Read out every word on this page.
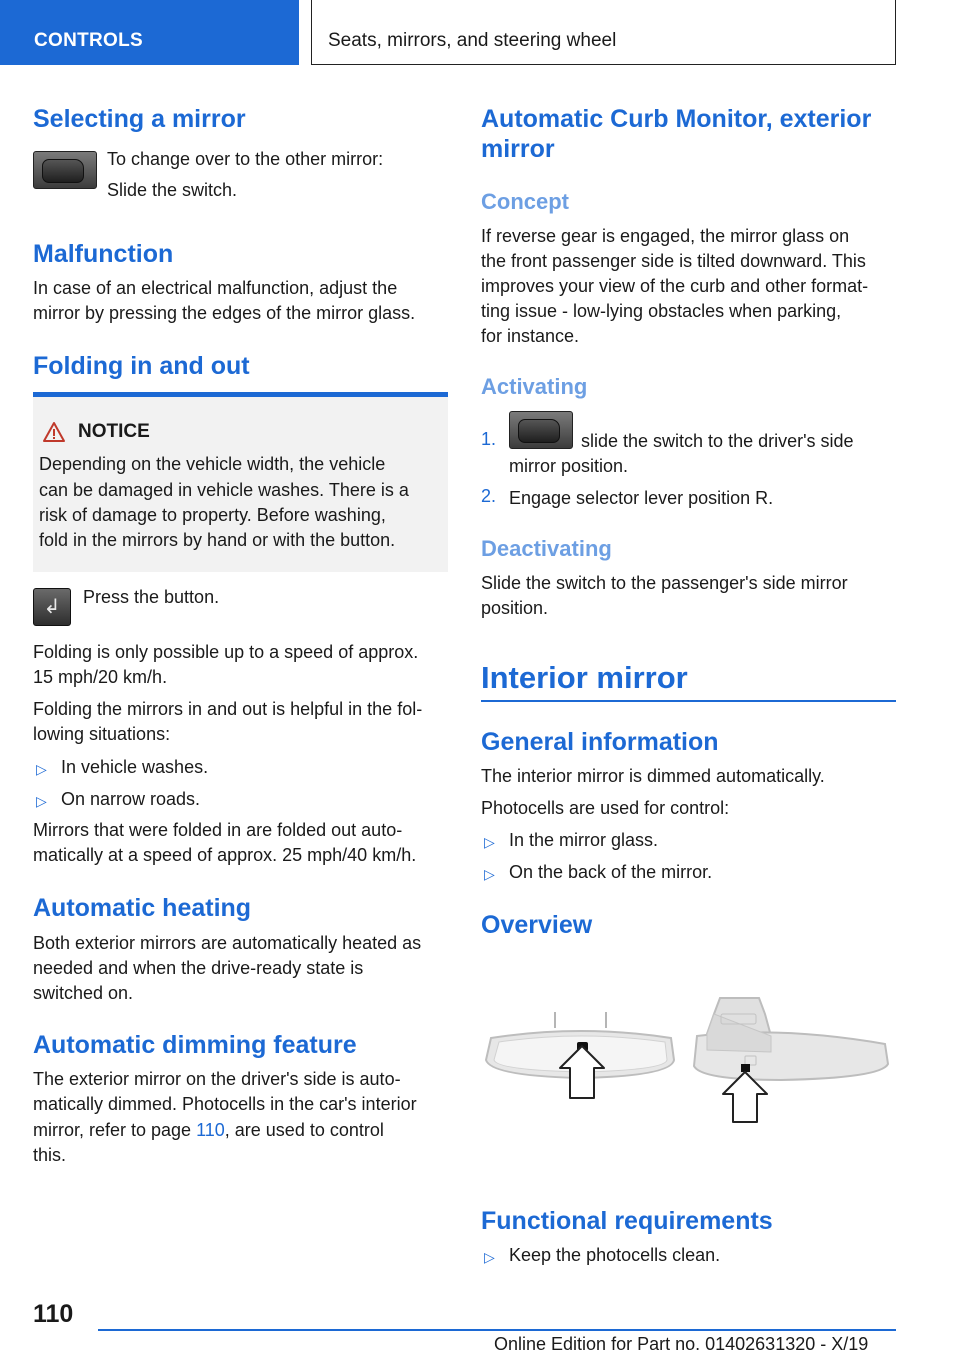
CONTROLS	Seats, mirrors, and steering wheel
Selecting a mirror
To change over to the other mirror:
Slide the switch.
Malfunction
In case of an electrical malfunction, adjust the
mirror by pressing the edges of the mirror glass.
Folding in and out
NOTICE
Depending on the vehicle width, the vehicle
can be damaged in vehicle washes. There is a
risk of damage to property. Before washing,
fold in the mirrors by hand or with the button.
↲	Press the button.
Folding is only possible up to a speed of approx.
15 mph/20 km/h.
Folding the mirrors in and out is helpful in the fol‐
lowing situations:
▷ In vehicle washes.
▷ On narrow roads.
Mirrors that were folded in are folded out auto‐
matically at a speed of approx. 25 mph/40 km/h.
Automatic heating
Both exterior mirrors are automatically heated as
needed and when the drive-ready state is
switched on.
Automatic dimming feature
The exterior mirror on the driver's side is auto‐
matically dimmed. Photocells in the car's interior
mirror, refer to page 110, are used to control
this.
Automatic Curb Monitor, exterior
mirror
Concept
If reverse gear is engaged, the mirror glass on
the front passenger side is tilted downward. This
improves your view of the curb and other format‐
ting issue - low-lying obstacles when parking,
for instance.
Activating
1.	slide the switch to the driver's side
mirror position.
2. Engage selector lever position R.
Deactivating
Slide the switch to the passenger's side mirror
position.
Interior mirror
General information
The interior mirror is dimmed automatically.
Photocells are used for control:
▷ In the mirror glass.
▷ On the back of the mirror.
Overview
Functional requirements
▷ Keep the photocells clean.
110
Online Edition for Part no. 01402631320 - X/19
